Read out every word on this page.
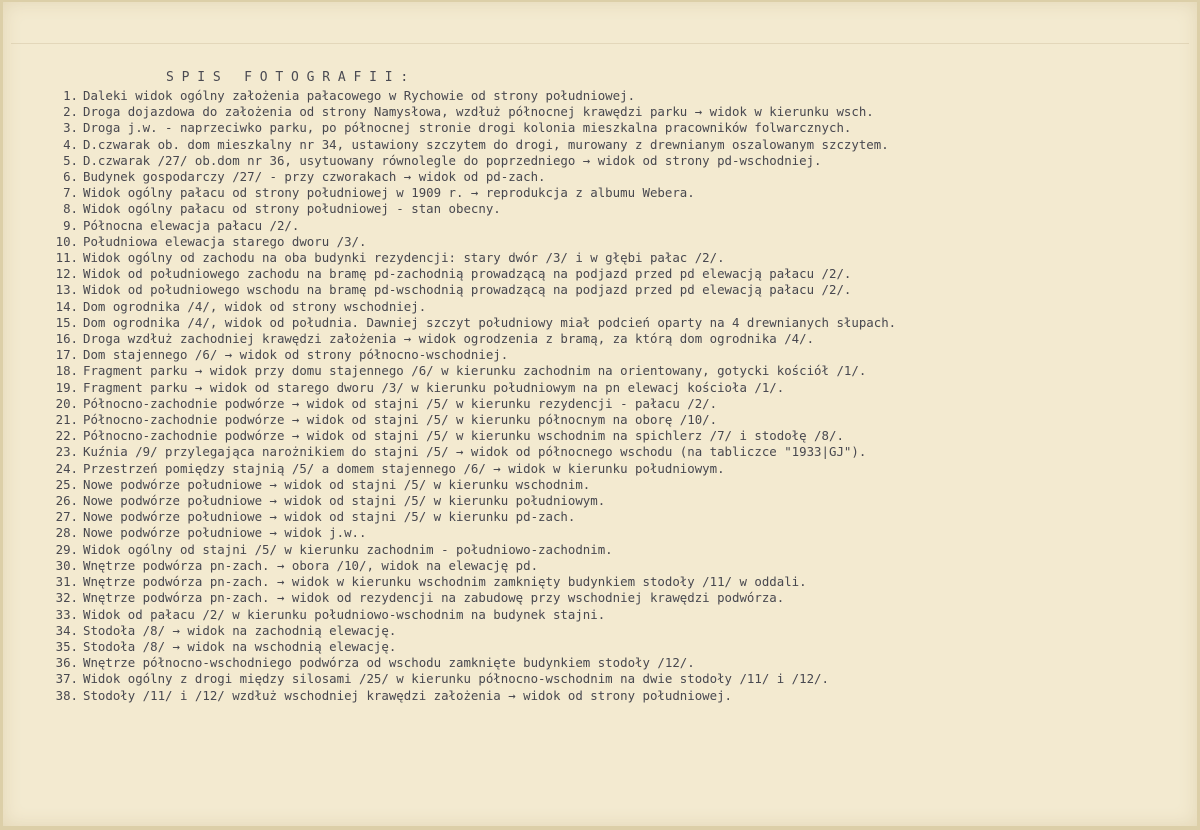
SPIS FOTOGRAFII:
1. Daleki widok ogólny założenia pałacowego w Rychowie od strony południowej.
2. Droga dojazdowa do założenia od strony Namysłowa, wzdłuż północnej krawędzi parku → widok w kierunku wsch.
3. Droga j.w. - naprzeciwko parku, po północnej stronie drogi kolonia mieszkalna pracowników folwarcznych.
4. D.czwarak ob. dom mieszkalny nr 34, ustawiony szczytem do drogi, murowany z drewnianym oszalowanym szczytem.
5. D.czwarak /27/ ob.dom nr 36, usytuowany równolegle do poprzedniego → widok od strony pd-wschodniej.
6. Budynek gospodarczy /27/ - przy czworakach → widok od pd-zach.
7. Widok ogólny pałacu od strony południowej w 1909 r. → reprodukcja z albumu Webera.
8. Widok ogólny pałacu od strony południowej - stan obecny.
9. Północna elewacja pałacu /2/.
10. Południowa elewacja starego dworu /3/.
11. Widok ogólny od zachodu na oba budynki rezydencji: stary dwór /3/ i w głębi pałac /2/.
12. Widok od południowego zachodu na bramę pd-zachodnią prowadzącą na podjazd przed pd elewacją pałacu /2/.
13. Widok od południowego wschodu na bramę pd-wschodnią prowadzącą na podjazd przed pd elewacją pałacu /2/.
14. Dom ogrodnika /4/, widok od strony wschodniej.
15. Dom ogrodnika /4/, widok od południa. Dawniej szczyt południowy miał podcień oparty na 4 drewnianych słupach.
16. Droga wzdłuż zachodniej krawędzi założenia → widok ogrodzenia z bramą, za którą dom ogrodnika /4/.
17. Dom stajennego /6/ → widok od strony północno-wschodniej.
18. Fragment parku → widok przy domu stajennego /6/ w kierunku zachodnim na orientowany, gotycki kościół /1/.
19. Fragment parku → widok od starego dworu /3/ w kierunku południowym na pn elewacj kościoła /1/.
20. Północno-zachodnie podwórze → widok od stajni /5/ w kierunku rezydencji - pałacu /2/.
21. Północno-zachodnie podwórze → widok od stajni /5/ w kierunku północnym na oborę /10/.
22. Północno-zachodnie podwórze → widok od stajni /5/ w kierunku wschodnim na spichlerz /7/ i stodołę /8/.
23. Kuźnia /9/ przylegająca narożnikiem do stajni /5/ → widok od północnego wschodu (na tabliczce "1933|GJ").
24. Przestrzeń pomiędzy stajnią /5/ a domem stajennego /6/ → widok w kierunku południowym.
25. Nowe podwórze południowe → widok od stajni /5/ w kierunku wschodnim.
26. Nowe podwórze południowe → widok od stajni /5/ w kierunku południowym.
27. Nowe podwórze południowe → widok od stajni /5/ w kierunku pd-zach.
28. Nowe podwórze południowe → widok j.w..
29. Widok ogólny od stajni /5/ w kierunku zachodnim - południowo-zachodnim.
30. Wnętrze podwórza pn-zach. → obora /10/, widok na elewację pd.
31. Wnętrze podwórza pn-zach. → widok w kierunku wschodnim zamknięty budynkiem stodoły /11/ w oddali.
32. Wnętrze podwórza pn-zach. → widok od rezydencji na zabudowę przy wschodniej krawędzi podwórza.
33. Widok od pałacu /2/ w kierunku południowo-wschodnim na budynek stajni.
34. Stodoła /8/ → widok na zachodnią elewację.
35. Stodoła /8/ → widok na wschodnią elewację.
36. Wnętrze północno-wschodniego podwórza od wschodu zamknięte budynkiem stodoły /12/.
37. Widok ogólny z drogi między silosami /25/ w kierunku północno-wschodnim na dwie stodoły /11/ i /12/.
38. Stodoły /11/ i /12/ wzdłuż wschodniej krawędzi założenia → widok od strony południowej.
